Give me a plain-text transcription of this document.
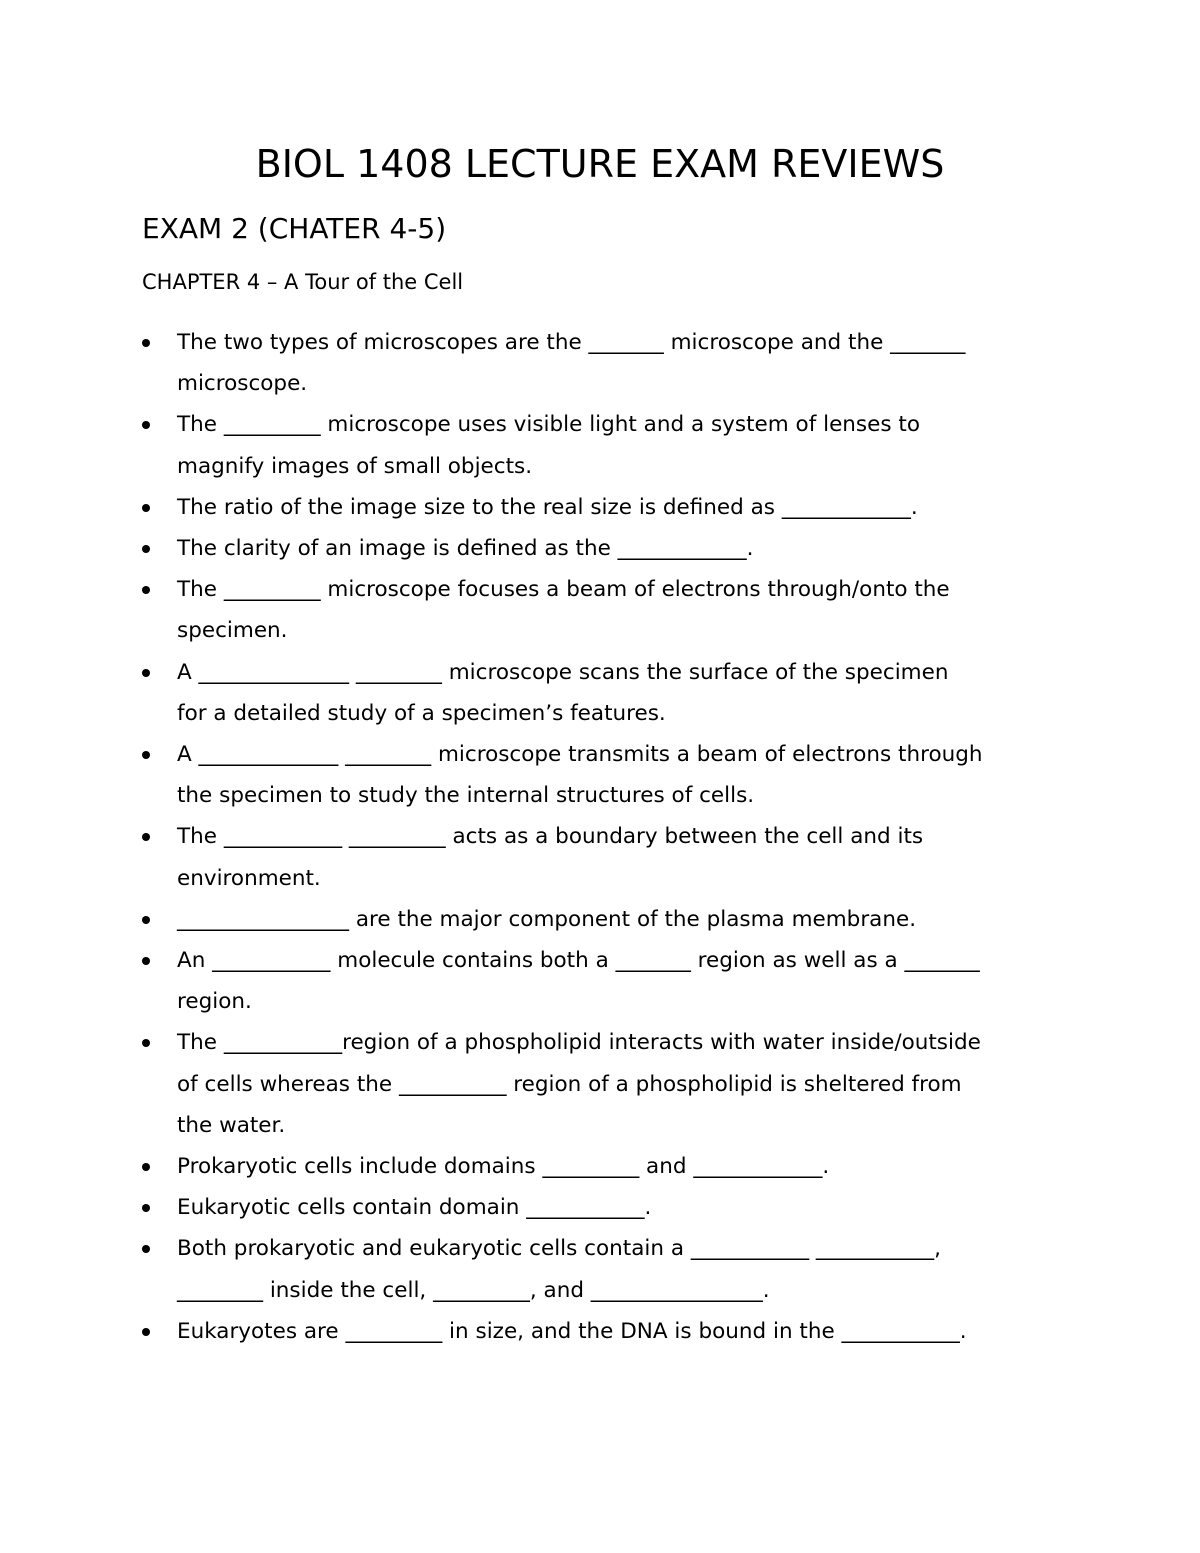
BIOL 1408 LECTURE EXAM REVIEWS
EXAM 2 (CHATER 4-5)
CHAPTER 4 – A Tour of the Cell
The two types of microscopes are the _______ microscope and the _______
microscope.
The _________ microscope uses visible light and a system of lenses to
magnify images of small objects.
The ratio of the image size to the real size is defined as ____________.
The clarity of an image is defined as the ____________.
The _________ microscope focuses a beam of electrons through/onto the
specimen.
A ______________ ________ microscope scans the surface of the specimen
for a detailed study of a specimen’s features.
A _____________ ________ microscope transmits a beam of electrons through
the specimen to study the internal structures of cells.
The ___________ _________ acts as a boundary between the cell and its
environment.
________________ are the major component of the plasma membrane.
An ___________ molecule contains both a _______ region as well as a _______
region.
The ___________region of a phospholipid interacts with water inside/outside
of cells whereas the __________ region of a phospholipid is sheltered from
the water.
Prokaryotic cells include domains _________ and ____________.
Eukaryotic cells contain domain ___________.
Both prokaryotic and eukaryotic cells contain a ___________ ___________,
________ inside the cell, _________, and ________________.
Eukaryotes are _________ in size, and the DNA is bound in the ___________.
